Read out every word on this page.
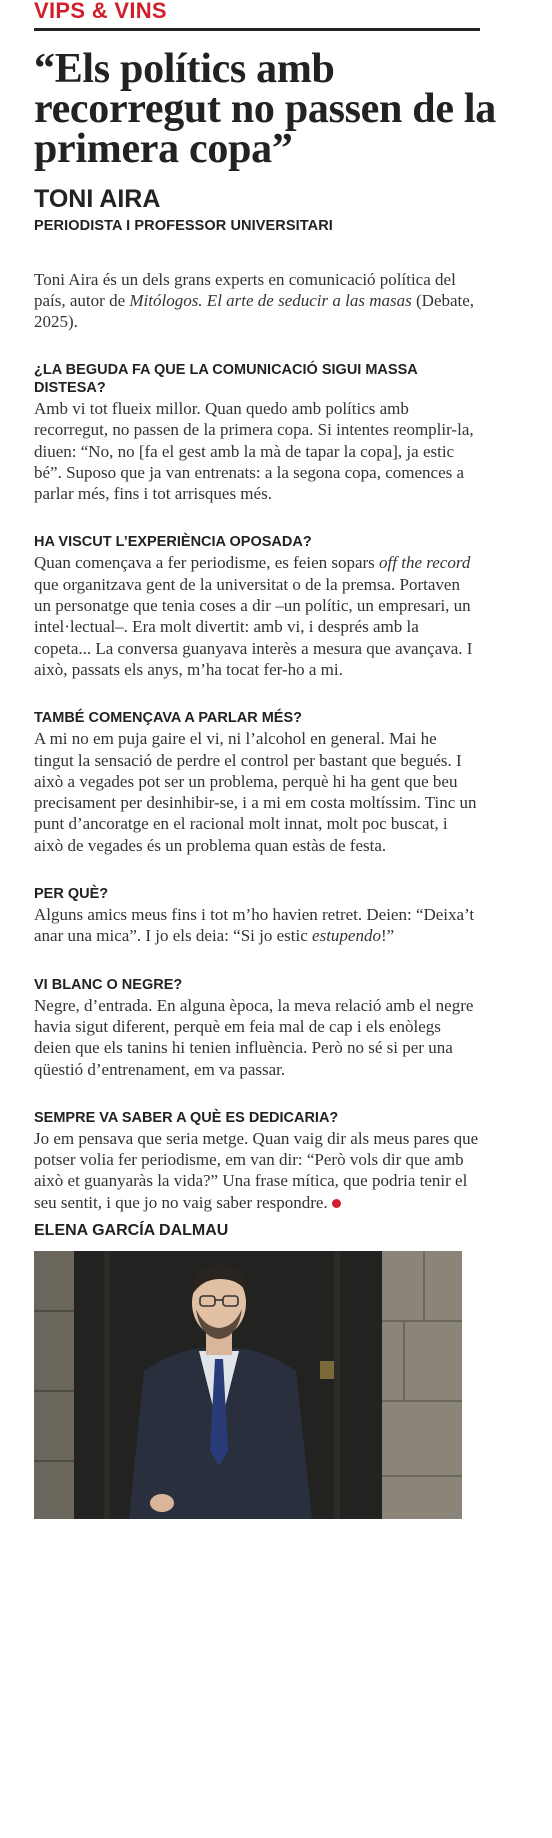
VIPS & VINS
“Els polítics amb recorregut no passen de la primera copa”
TONI AIRA
PERIODISTA I PROFESSOR UNIVERSITARI

Toni Aira és un dels grans experts en comunicació política del país, autor de Mitólogos. El arte de seducir a las masas (Debate, 2025).

¿LA BEGUDA FA QUE LA COMUNICACIÓ SIGUI MASSA DISTESA?

Amb vi tot flueix millor. Quan quedo amb polítics amb recorregut, no passen de la primera copa. Si intentes reomplir-la, diuen: “No, no [fa el gest amb la mà de tapar la copa], ja estic bé”. Suposo que ja van entrenats: a la segona copa, comences a parlar més, fins i tot arrisques més.

HA VISCUT L’EXPERIÈNCIA OPOSADA?

Quan començava a fer periodisme, es feien sopars off the record que organitzava gent de la universitat o de la premsa. Portaven un personatge que tenia coses a dir –un polític, un empresari, un intel·lectual–. Era molt divertit: amb vi, i després amb la copeta... La conversa guanyava interès a mesura que avançava. I això, passats els anys, m’ha tocat fer-ho a mi.

TAMBÉ COMENÇAVA A PARLAR MÉS?

A mi no em puja gaire el vi, ni l’alcohol en general. Mai he tingut la sensació de perdre el control per bastant que begués. I això a vegades pot ser un problema, perquè hi ha gent que beu precisament per desinhibir-se, i a mi em costa moltíssim. Tinc un punt d’ancoratge en el racional molt innat, molt poc buscat, i això de vegades és un problema quan estàs de festa.

PER QUÈ?

Alguns amics meus fins i tot m’ho havien retret. Deien: “Deixa’t anar una mica”. I jo els deia: “Si jo estic estupendo!”

VI BLANC O NEGRE?

Negre, d’entrada. En alguna època, la meva relació amb el negre havia sigut diferent, perquè em feia mal de cap i els enòlegs deien que els tanins hi tenien influència. Però no sé si per una qüestió d’entrenament, em va passar.

SEMPRE VA SABER A QUÈ ES DEDICARIA?

Jo em pensava que seria metge. Quan vaig dir als meus pares que potser volia fer periodisme, em van dir: “Però vols dir que amb això et guanyaràs la vida?” Una frase mítica, que podria tenir el seu sentit, i que jo no vaig saber respondre.

ELENA GARCÍA DALMAU
